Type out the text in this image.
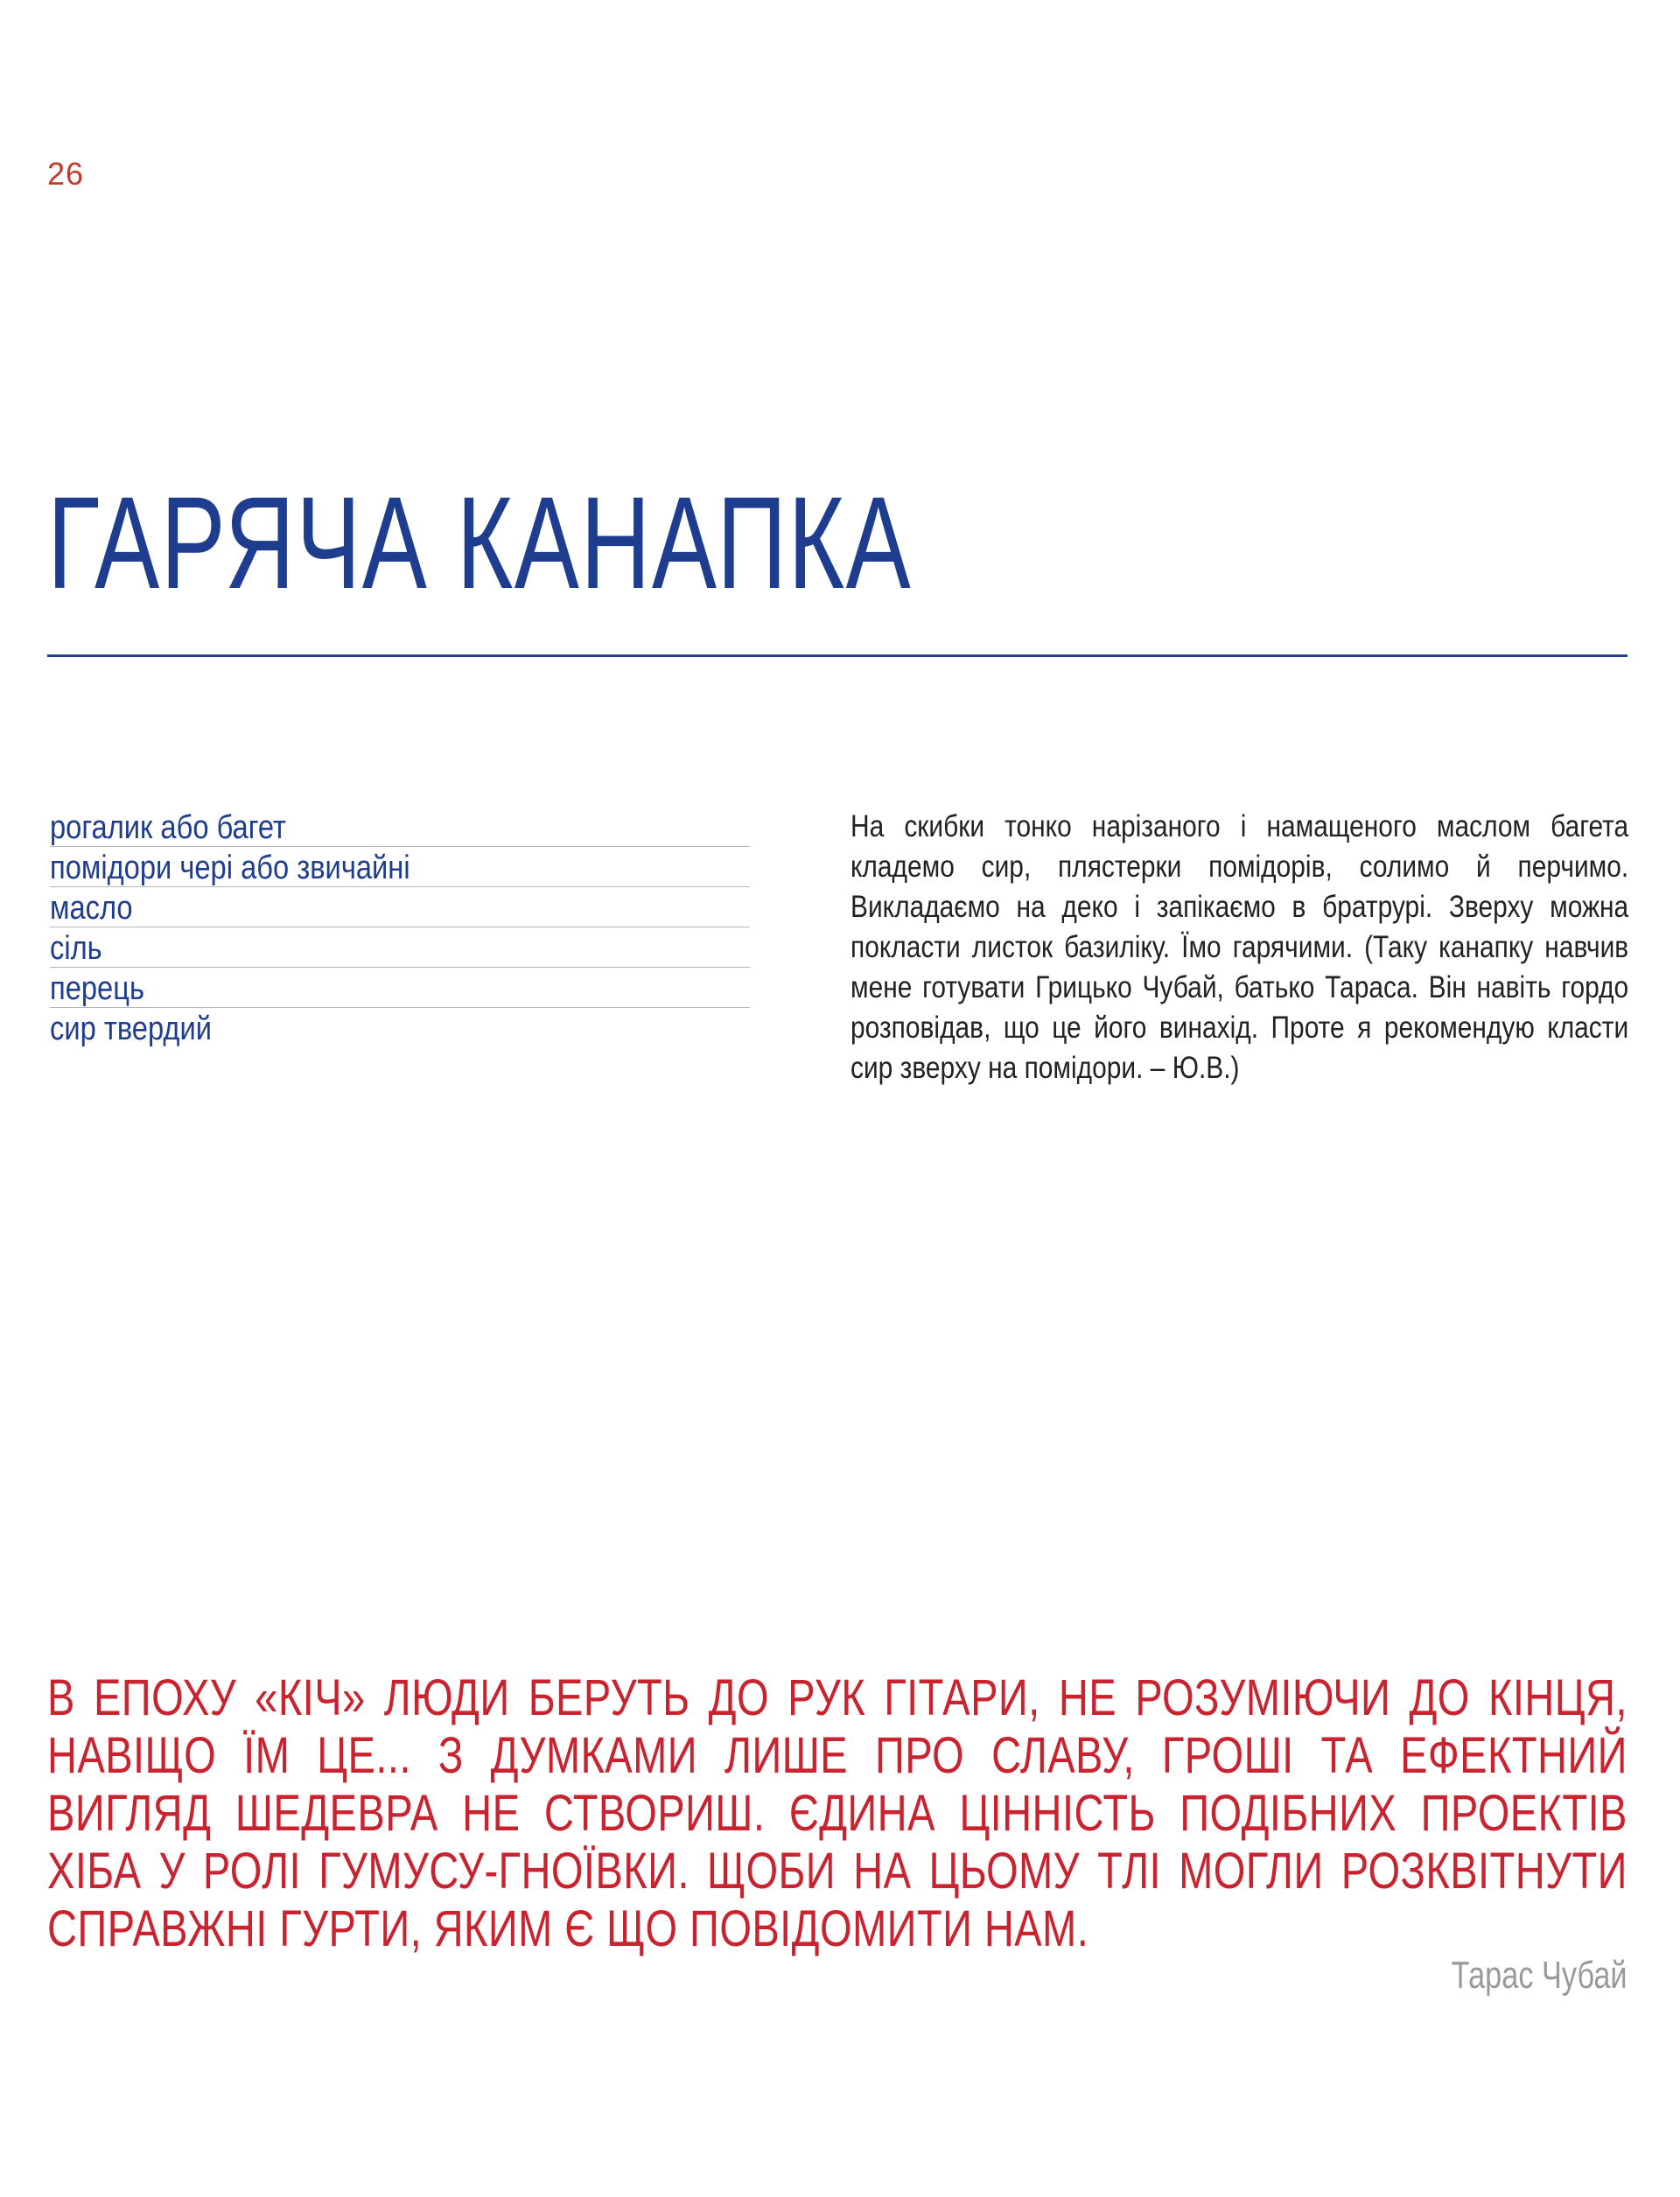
26
ГАРЯЧА КАНАПКА
рогалик або багет
помідори чері або звичайні
масло
сіль
перець
сир твердий

На скибки тонко нарізаного і намащеного маслом багета кладемо сир, плястерки помідорів, солимо й перчимо. Викладаємо на деко і запікаємо в братрурі. Зверху можна покласти листок базиліку. Їмо гарячими. (Таку канапку навчив мене готувати Грицько Чубай, батько Тараса. Він навіть гордо розповідав, що це його винахід. Проте я рекомендую класти сир зверху на помідори. – Ю.В.)

В ЕПОХУ «КІЧ» ЛЮДИ БЕРУТЬ ДО РУК ГІТАРИ, НЕ РОЗУМІЮЧИ ДО КІНЦЯ, НАВІЩО ЇМ ЦЕ... З ДУМКАМИ ЛИШЕ ПРО СЛАВУ, ГРОШІ ТА ЕФЕКТНИЙ ВИГЛЯД ШЕДЕВРА НЕ СТВОРИШ. ЄДИНА ЦІННІСТЬ ПОДІБНИХ ПРОЕКТІВ ХІБА У РОЛІ ГУМУСУ-ГНОЇВКИ. ЩОБИ НА ЦЬОМУ ТЛІ МОГЛИ РОЗКВІТНУТИ СПРАВЖНІ ГУРТИ, ЯКИМ Є ЩО ПОВІДОМИТИ НАМ.

Тарас Чубай
